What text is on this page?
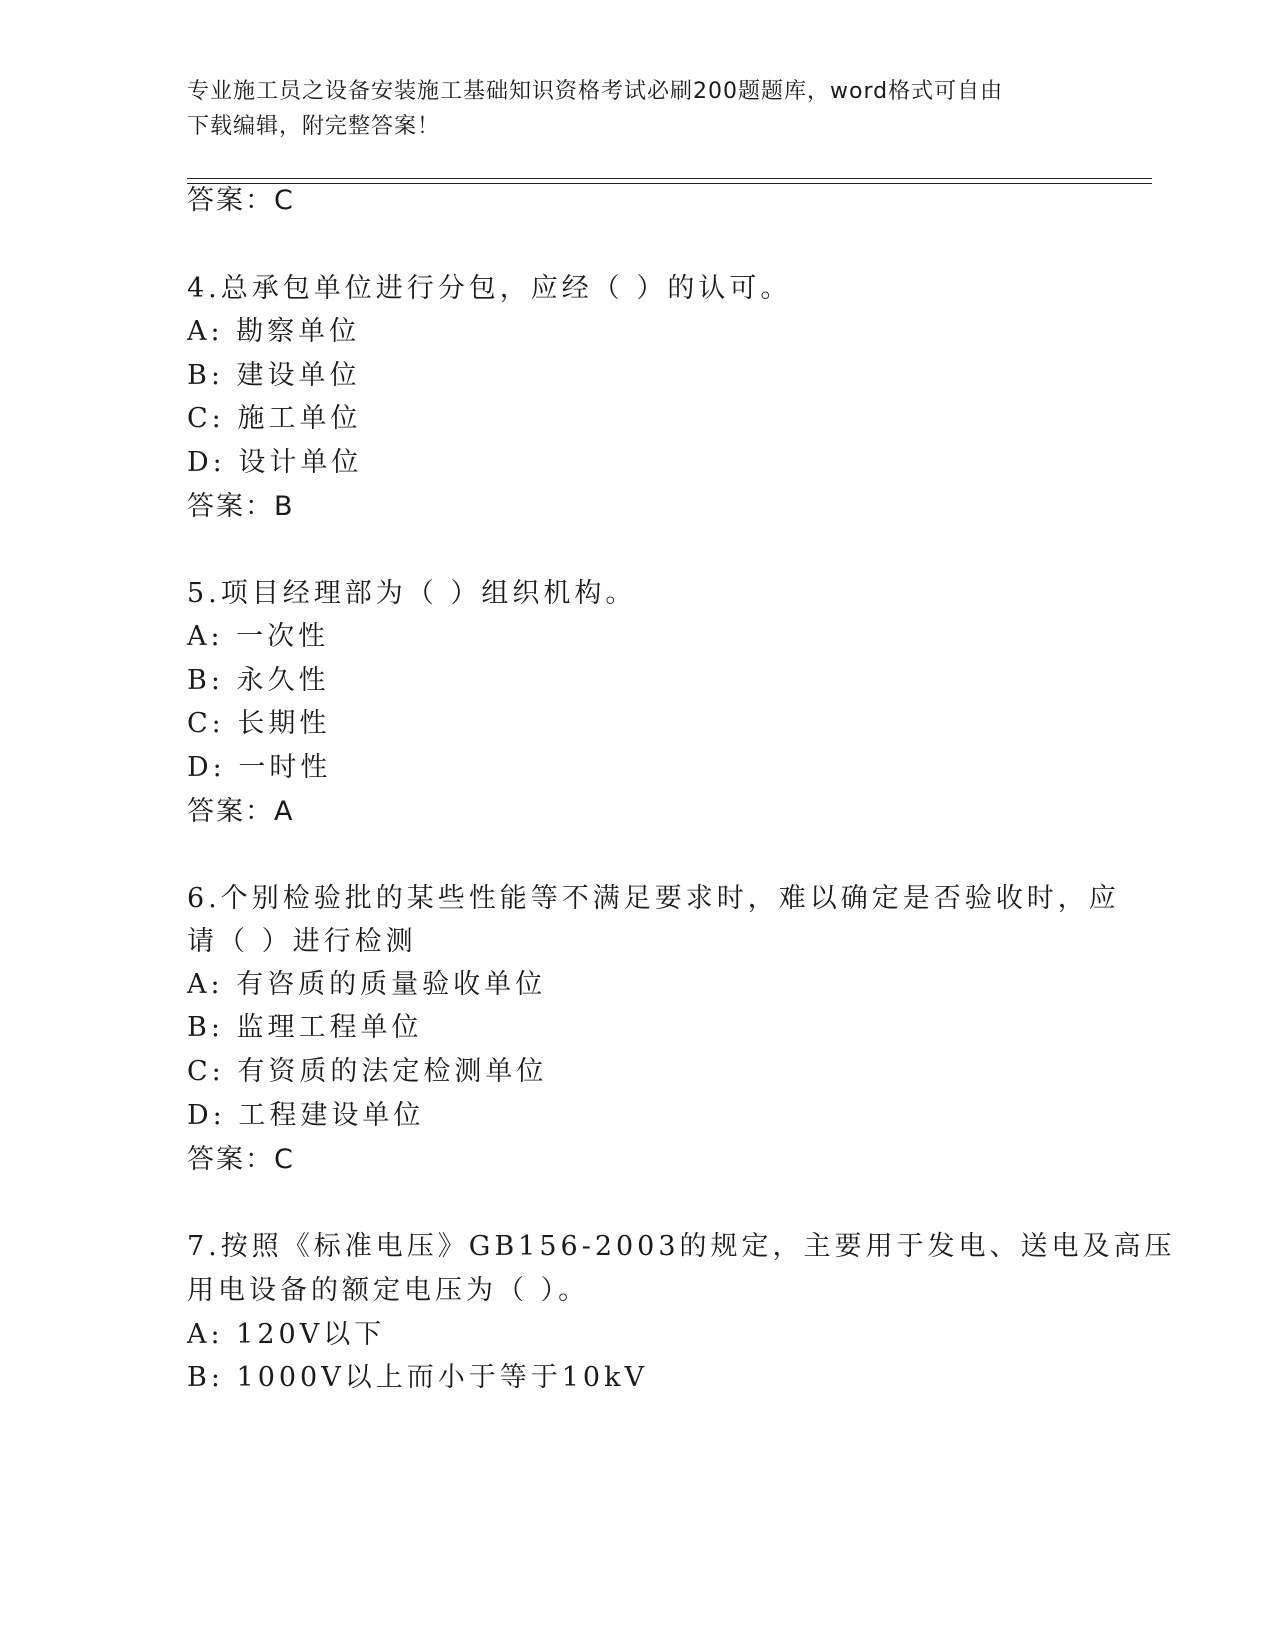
专业施工员之设备安装施工基础知识资格考试必刷200题题库，word格式可自由
下载编辑，附完整答案！
答案：C
4.总承包单位进行分包，应经（ ）的认可。
A: 勘察单位
B: 建设单位
C: 施工单位
D: 设计单位
答案：B
5.项目经理部为（ ）组织机构。
A: 一次性
B: 永久性
C: 长期性
D: 一时性
答案：A
6.个别检验批的某些性能等不满足要求时，难以确定是否验收时，应
请（ ）进行检测
A: 有咨质的质量验收单位
B: 监理工程单位
C: 有资质的法定检测单位
D: 工程建设单位
答案：C
7.按照《标准电压》GB156-2003的规定，主要用于发电、送电及高压
用电设备的额定电压为（ ）。
A: 120V以下
B: 1000V以上而小于等于10kV
